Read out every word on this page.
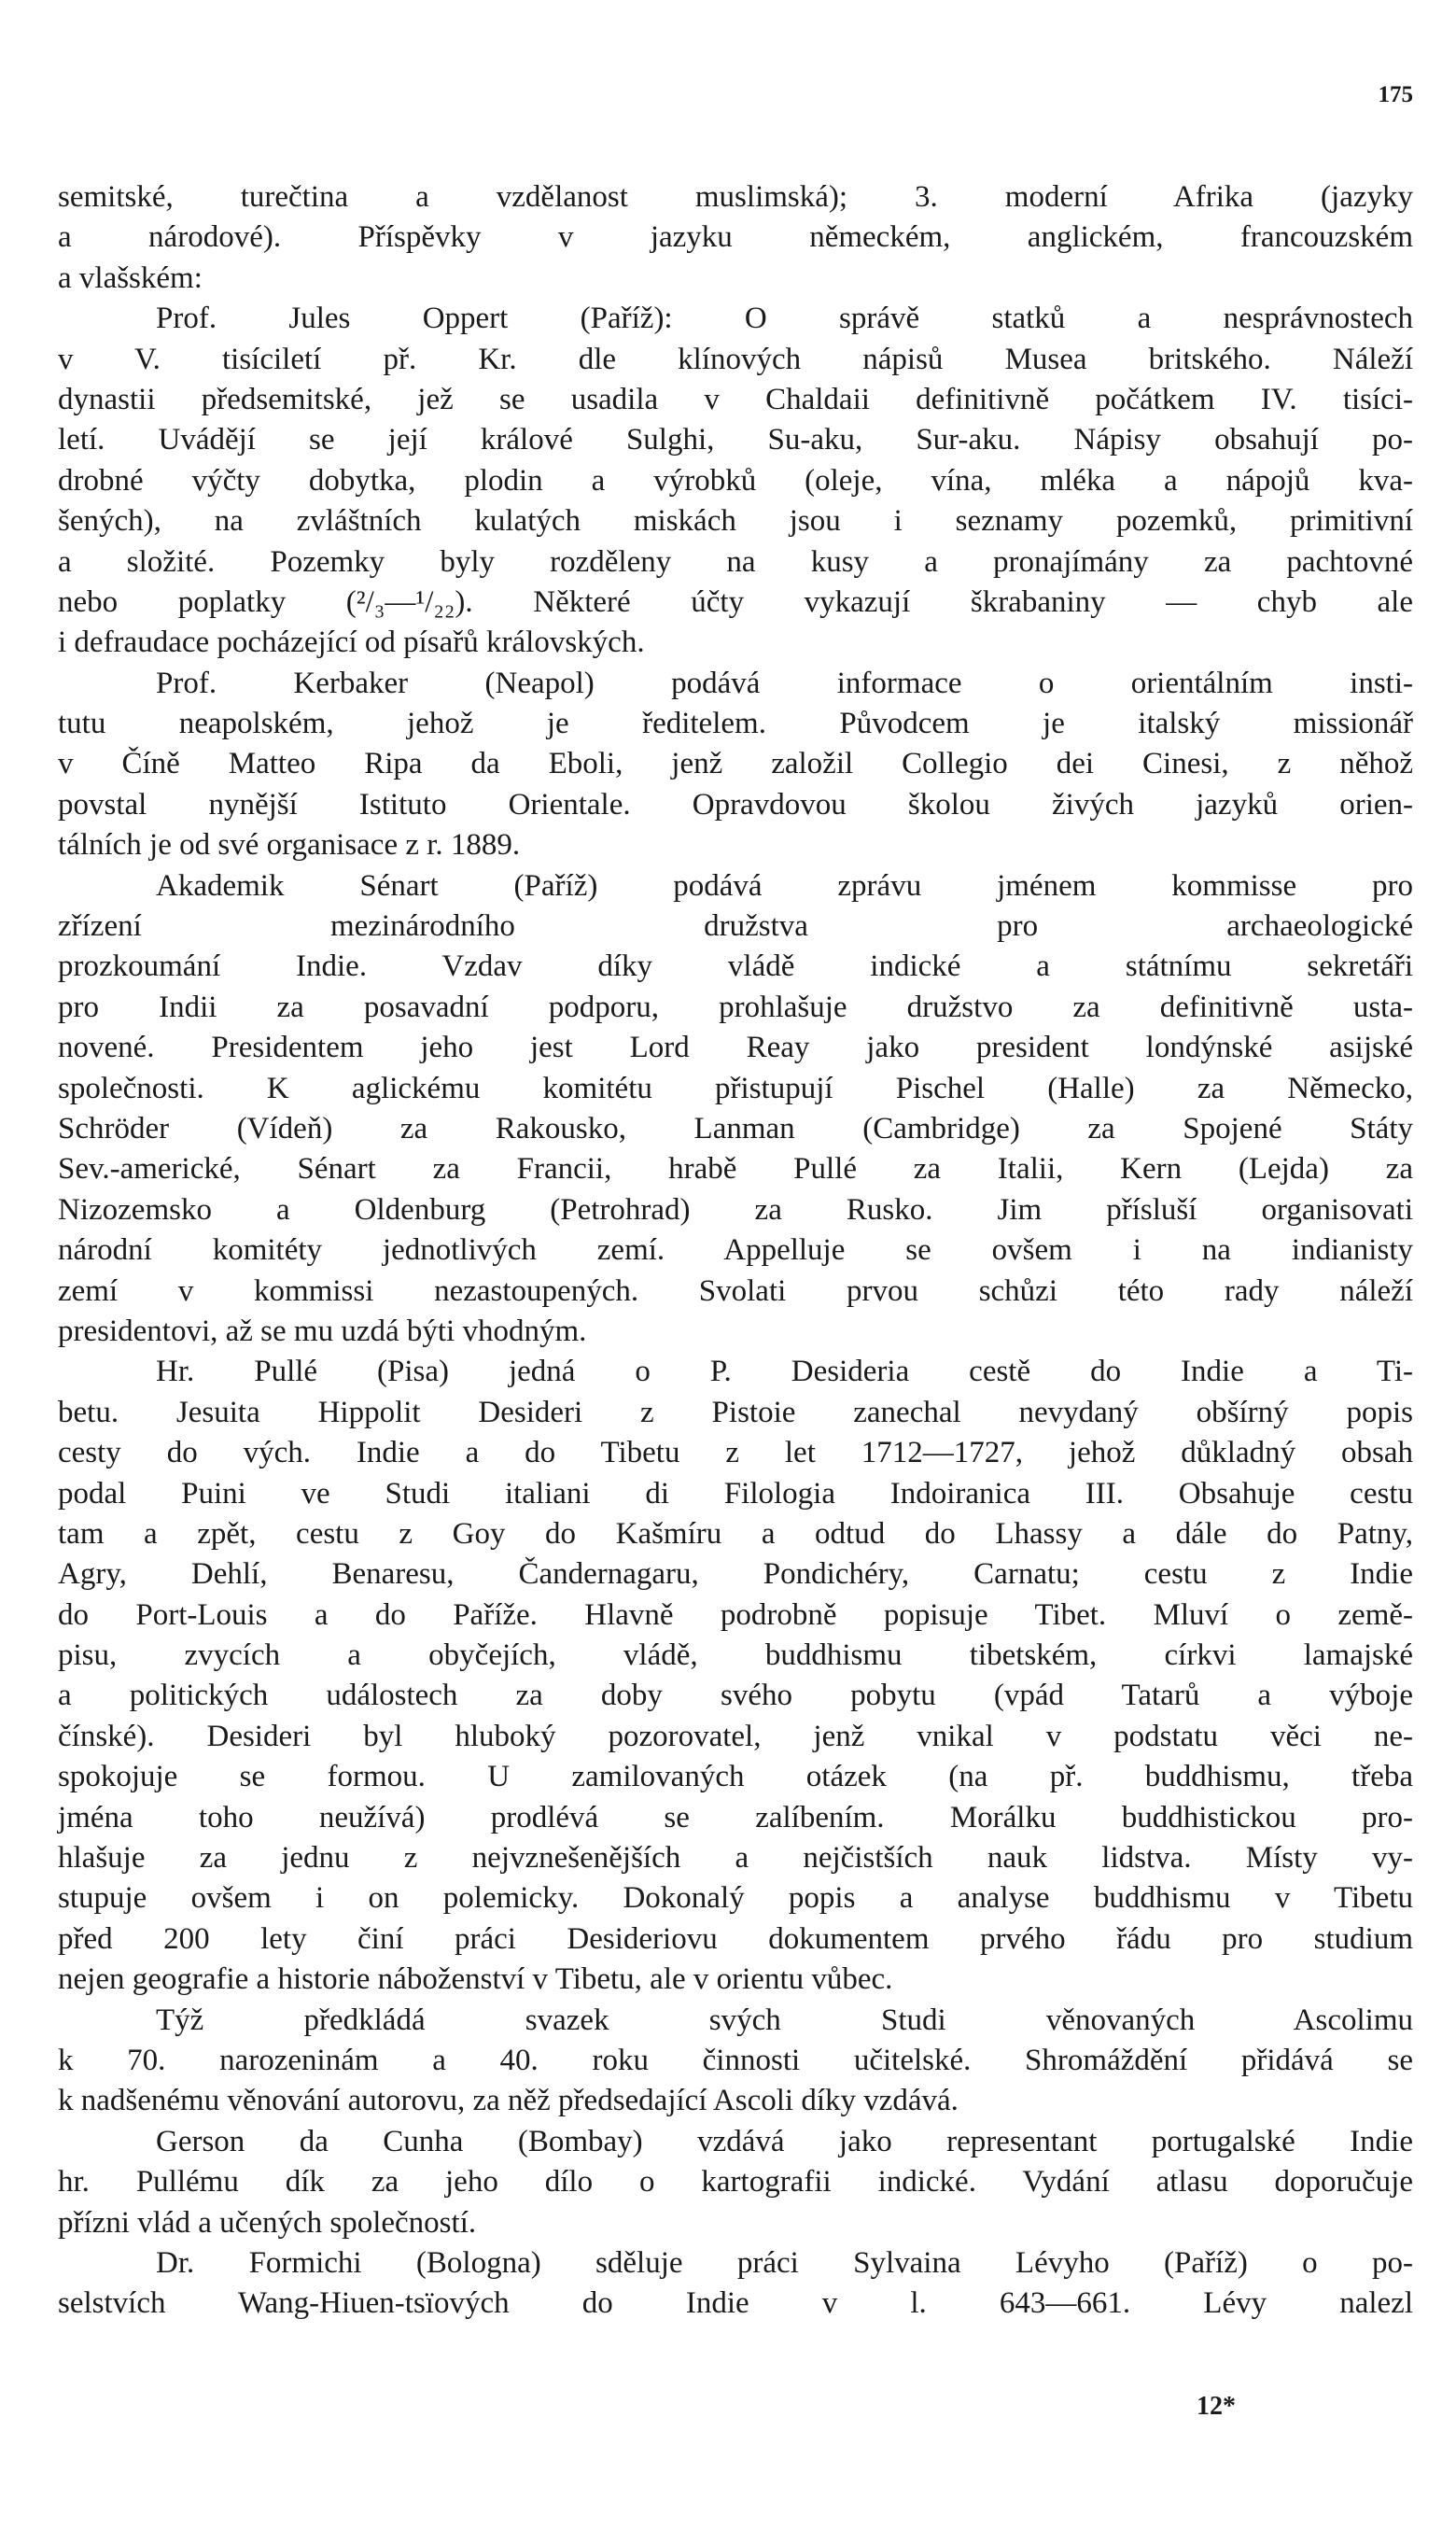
175
semitské, turečtina a vzdělanost muslimská); 3. moderní Afrika (jazyky
a národové). Příspěvky v jazyku německém, anglickém, francouzském
a vlašském:
Prof. Jules Oppert (Paříž): O správě statků a nesprávnostech
v V. tisíciletí př. Kr. dle klínových nápisů Musea britského. Náleží
dynastii předsemitské, jež se usadila v Chaldaii definitivně počátkem IV. tisíci-
letí. Uvádějí se její králové Sulghi, Su-aku, Sur-aku. Nápisy obsahují po-
drobné výčty dobytka, plodin a výrobků (oleje, vína, mléka a nápojů kva-
šených), na zvláštních kulatých miskách jsou i seznamy pozemků, primitivní
a složité. Pozemky byly rozděleny na kusy a pronajímány za pachtovné
nebo poplatky (²/₃—¹/₂₂). Některé účty vykazují škrabaniny — chyb ale
i defraudace pocházející od písařů královských.
Prof. Kerbaker (Neapol) podává informace o orientálním insti-
tutu neapolském, jehož je ředitelem. Původcem je italský missionář
v Číně Matteo Ripa da Eboli, jenž založil Collegio dei Cinesi, z něhož
povstal nynější Istituto Orientale. Opravdovou školou živých jazyků orien-
tálních je od své organisace z r. 1889.
Akademik Sénart (Paříž) podává zprávu jménem kommisse pro
zřízení mezinárodního družstva pro archaeologické
prozkoumání Indie. Vzdav díky vládě indické a státnímu sekretáři
pro Indii za posavadní podporu, prohlašuje družstvo za definitivně usta-
novené. Presidentem jeho jest Lord Reay jako president londýnské asijské
společnosti. K aglickému komitétu přistupují Pischel (Halle) za Německo,
Schröder (Vídeň) za Rakousko, Lanman (Cambridge) za Spojené Státy
Sev.-americké, Sénart za Francii, hrabě Pullé za Italii, Kern (Lejda) za
Nizozemsko a Oldenburg (Petrohrad) za Rusko. Jim přísluší organisovati
národní komitéty jednotlivých zemí. Appelluje se ovšem i na indianisty
zemí v kommissi nezastoupených. Svolati prvou schůzi této rady náleží
presidentovi, až se mu uzdá býti vhodným.
Hr. Pullé (Pisa) jedná o P. Desideria cestě do Indie a Ti-
betu. Jesuita Hippolit Desideri z Pistoie zanechal nevydaný obšírný popis
cesty do vých. Indie a do Tibetu z let 1712—1727, jehož důkladný obsah
podal Puini ve Studi italiani di Filologia Indoiranica III. Obsahuje cestu
tam a zpět, cestu z Goy do Kašmíru a odtud do Lhassy a dále do Patny,
Agry, Dehlí, Benaresu, Čandernagaru, Pondichéry, Carnatu; cestu z Indie
do Port-Louis a do Paříže. Hlavně podrobně popisuje Tibet. Mluví o země-
pisu, zvycích a obyčejích, vládě, buddhismu tibetském, církvi lamajské
a politických událostech za doby svého pobytu (vpád Tatarů a výboje
čínské). Desideri byl hluboký pozorovatel, jenž vnikal v podstatu věci ne-
spokojuje se formou. U zamilovaných otázek (na př. buddhismu, třeba
jména toho neužívá) prodlévá se zalíbením. Morálku buddhistickou pro-
hlašuje za jednu z nejvznešenějších a nejčistších nauk lidstva. Místy vy-
stupuje ovšem i on polemicky. Dokonalý popis a analyse buddhismu v Tibetu
před 200 lety činí práci Desideriovu dokumentem prvého řádu pro studium
nejen geografie a historie náboženství v Tibetu, ale v orientu vůbec.
Týž předkládá svazek svých Studi věnovaných Ascolimu
k 70. narozeninám a 40. roku činnosti učitelské. Shromáždění přidává se
k nadšenému věnování autorovu, za něž předsedající Ascoli díky vzdává.
Gerson da Cunha (Bombay) vzdává jako representant portugalské Indie
hr. Pullému dík za jeho dílo o kartografii indické. Vydání atlasu doporučuje
přízni vlád a učených společností.
Dr. Formichi (Bologna) sděluje práci Sylvaina Lévyho (Paříž) o po-
selstvích Wang-Hiuen-tsïových do Indie v l. 643—661. Lévy nalezl
12*
